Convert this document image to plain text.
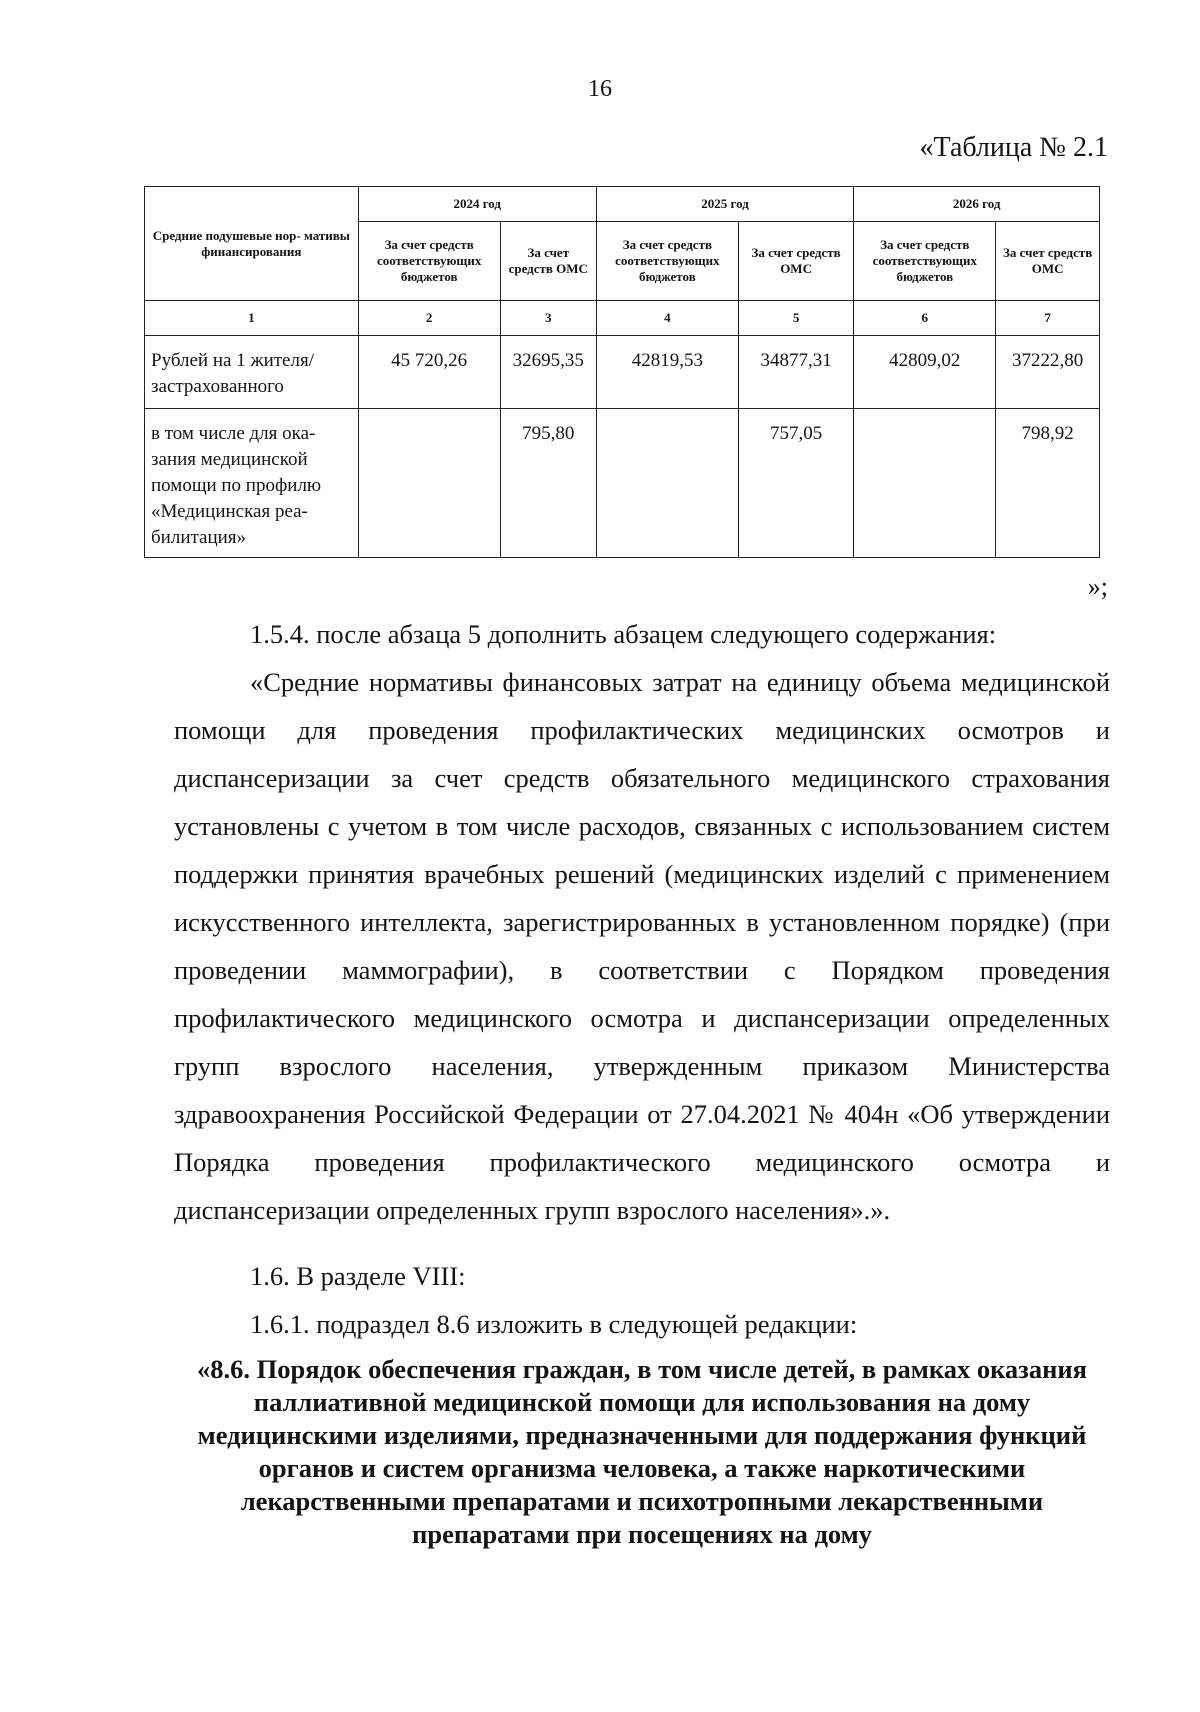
16
«Таблица № 2.1
Средние подушевые нор- мативы финансирования	2024 год		2025 год		2026 год	
	За счет средств соответствующих бюджетов	За счет средств ОМС	За счет средств соответствующих бюджетов	За счет средств ОМС	За счет средств соответствующих бюджетов	За счет средств ОМС
1	2	3	4	5	6	7
Рублей на 1 жителя/ застрахованного	45 720,26	32695,35	42819,53	34877,31	42809,02	37222,80
в том числе для ока- зания медицинской помощи по профилю «Медицинская реа- билитация»		795,80		757,05		798,92
»;

1.5.4. после абзаца 5 дополнить абзацем следующего содержания:

«Средние нормативы финансовых затрат на единицу объема медицинской помощи для проведения профилактических медицинских осмотров и диспансеризации за счет средств обязательного медицинского страхования установлены с учетом в том числе расходов, связанных с использованием систем поддержки принятия врачебных решений (медицинских изделий с применением искусственного интеллекта, зарегистрированных в установленном порядке) (при проведении маммографии), в соответствии с Порядком проведения профилактического медицинского осмотра и диспансеризации определенных групп взрослого населения, утвержденным приказом Министерства здравоохранения Российской Федерации от 27.04.2021 № 404н «Об утверждении Порядка проведения профилактического медицинского осмотра и диспансеризации определенных групп взрослого населения».».

1.6. В разделе VIII:

1.6.1. подраздел 8.6 изложить в следующей редакции:

«8.6. Порядок обеспечения граждан, в том числе детей, в рамках оказания паллиативной медицинской помощи для использования на дому медицинскими изделиями, предназначенными для поддержания функций органов и систем организма человека, а также наркотическими лекарственными препаратами и психотропными лекарственными препаратами при посещениях на дому
